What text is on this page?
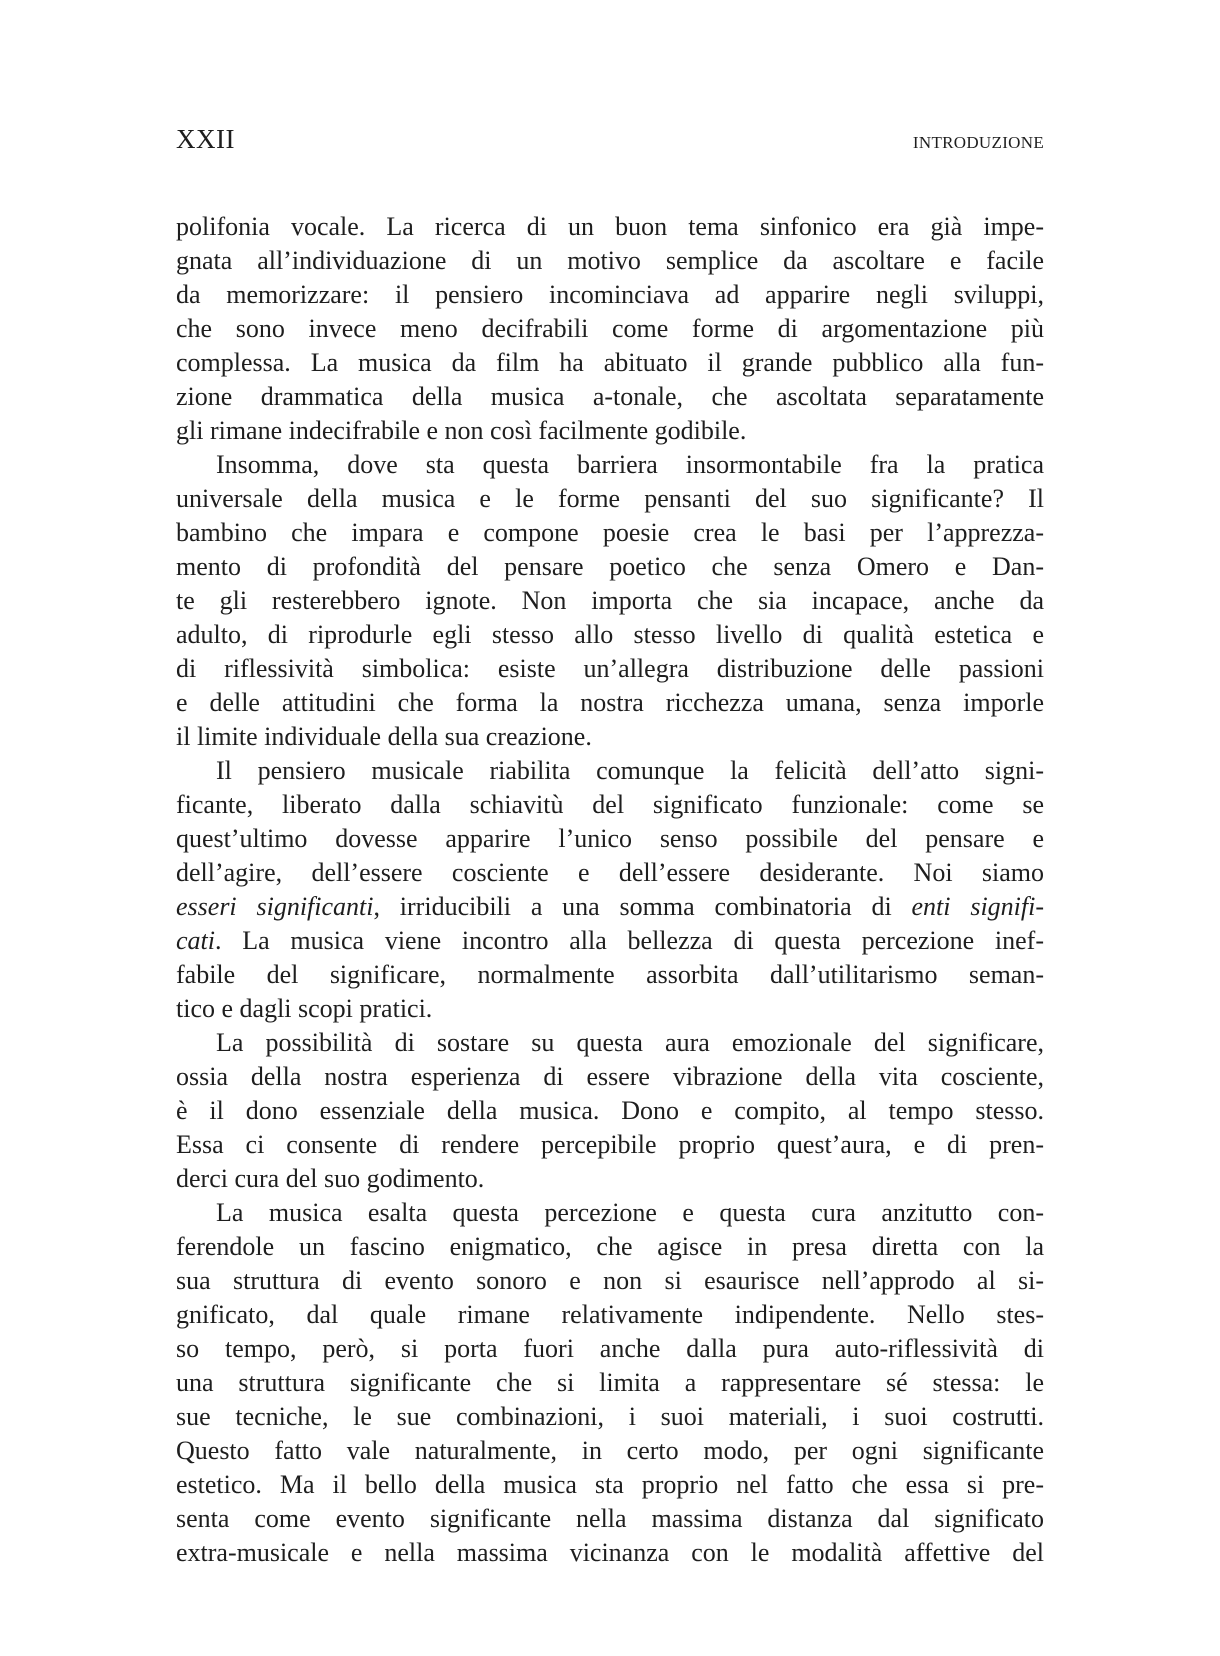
XXII	INTRODUZIONE

polifonia vocale. La ricerca di un buon tema sinfonico era già impe-
gnata all’individuazione di un motivo semplice da ascoltare e facile
da memorizzare: il pensiero incominciava ad apparire negli sviluppi,
che sono invece meno decifrabili come forme di argomentazione più
complessa. La musica da film ha abituato il grande pubblico alla fun-
zione drammatica della musica a-tonale, che ascoltata separatamente
gli rimane indecifrabile e non così facilmente godibile.

Insomma, dove sta questa barriera insormontabile fra la pratica
universale della musica e le forme pensanti del suo significante? Il
bambino che impara e compone poesie crea le basi per l’apprezza-
mento di profondità del pensare poetico che senza Omero e Dan-
te gli resterebbero ignote. Non importa che sia incapace, anche da
adulto, di riprodurle egli stesso allo stesso livello di qualità estetica e
di riflessività simbolica: esiste un’allegra distribuzione delle passioni
e delle attitudini che forma la nostra ricchezza umana, senza imporle
il limite individuale della sua creazione.

Il pensiero musicale riabilita comunque la felicità dell’atto signi-
ficante, liberato dalla schiavitù del significato funzionale: come se
quest’ultimo dovesse apparire l’unico senso possibile del pensare e
dell’agire, dell’essere cosciente e dell’essere desiderante. Noi siamo
esseri significanti, irriducibili a una somma combinatoria di enti signifi-
cati. La musica viene incontro alla bellezza di questa percezione inef-
fabile del significare, normalmente assorbita dall’utilitarismo seman-
tico e dagli scopi pratici.

La possibilità di sostare su questa aura emozionale del significare,
ossia della nostra esperienza di essere vibrazione della vita cosciente,
è il dono essenziale della musica. Dono e compito, al tempo stesso.
Essa ci consente di rendere percepibile proprio quest’aura, e di pren-
derci cura del suo godimento.

La musica esalta questa percezione e questa cura anzitutto con-
ferendole un fascino enigmatico, che agisce in presa diretta con la
sua struttura di evento sonoro e non si esaurisce nell’approdo al si-
gnificato, dal quale rimane relativamente indipendente. Nello stes-
so tempo, però, si porta fuori anche dalla pura auto-riflessività di
una struttura significante che si limita a rappresentare sé stessa: le
sue tecniche, le sue combinazioni, i suoi materiali, i suoi costrutti.
Questo fatto vale naturalmente, in certo modo, per ogni significante
estetico. Ma il bello della musica sta proprio nel fatto che essa si pre-
senta come evento significante nella massima distanza dal significato
extra-musicale e nella massima vicinanza con le modalità affettive del
